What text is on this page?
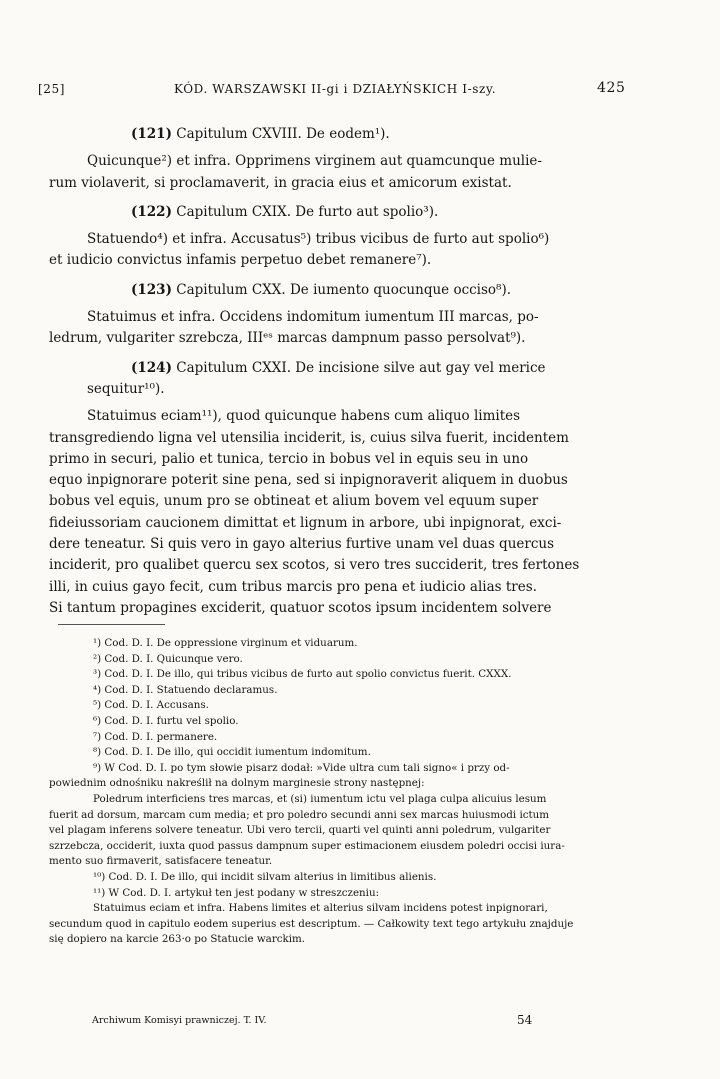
[25]	KÓD. WARSZAWSKI II-gi i DZIAŁYŃSKICH I-szy.	425
(121) Capitulum CXVIII. De eodem¹).

Quicunque²) et infra. Opprimens virginem aut quamcunque mulie-

rum violaverit, si proclamaverit, in gracia eius et amicorum existat.
(122) Capitulum CXIX. De furto aut spolio³).

Statuendo⁴) et infra. Accusatus⁵) tribus vicibus de furto aut spolio⁶)

et iudicio convictus infamis perpetuo debet remanere⁷).
(123) Capitulum CXX. De iumento quocunque occiso⁸).

Statuimus et infra. Occidens indomitum iumentum III marcas, po-

ledrum, vulgariter szrebcza, IIIᵉˢ marcas dampnum passo persolvat⁹).
(124) Capitulum CXXI. De incisione silve aut gay vel merice
sequitur¹⁰).

Statuimus eciam¹¹), quod quicunque habens cum aliquo limites

transgrediendo ligna vel utensilia inciderit, is, cuius silva fuerit, incidentem
primo in securi, palio et tunica, tercio in bobus vel in equis seu in uno
equo inpignorare poterit sine pena, sed si inpignoraverit aliquem in duobus
bobus vel equis, unum pro se obtineat et alium bovem vel equum super
fideiussoriam caucionem dimittat et lignum in arbore, ubi inpignorat, exci-
dere teneatur. Si quis vero in gayo alterius furtive unam vel duas quercus
inciderit, pro qualibet quercu sex scotos, si vero tres succiderit, tres fertones
illi, in cuius gayo fecit, cum tribus marcis pro pena et iudicio alias tres.
Si tantum propagines exciderit, quatuor scotos ipsum incidentem solvere
¹) Cod. D. I. De oppressione virginum et viduarum.
²) Cod. D. I. Quicunque vero.
³) Cod. D. I. De illo, qui tribus vicibus de furto aut spolio convictus fuerit. CXXX.
⁴) Cod. D. I. Statuendo declaramus.
⁵) Cod. D. I. Accusans.
⁶) Cod. D. I. furtu vel spolio.
⁷) Cod. D. I. permanere.
⁸) Cod. D. I. De illo, qui occidit iumentum indomitum.
⁹) W Cod. D. I. po tym słowie pisarz dodał: »Vide ultra cum tali signo« i przy od-
powiednim odnośniku nakreślił na dolnym marginesie strony następnej:
Poledrum interficiens tres marcas, et (si) iumentum ictu vel plaga culpa alicuius lesum
fuerit ad dorsum, marcam cum media; et pro poledro secundi anni sex marcas huiusmodi ictum
vel plagam inferens solvere teneatur. Ubi vero tercii, quarti vel quinti anni poledrum, vulgariter
szrzebcza, occiderit, iuxta quod passus dampnum super estimacionem eiusdem poledri occisi iura-
mento suo firmaverit, satisfacere teneatur.
¹⁰) Cod. D. I. De illo, qui incidit silvam alterius in limitibus alienis.
¹¹) W Cod. D. I. artykuł ten jest podany w streszczeniu:
Statuimus eciam et infra. Habens limites et alterius silvam incidens potest inpignorari,
secundum quod in capitulo eodem superius est descriptum. — Całkowity text tego artykułu znajduje
się dopiero na karcie 263·o po Statucie warckim.
Archiwum Komisyi prawniczej. T. IV.	54
